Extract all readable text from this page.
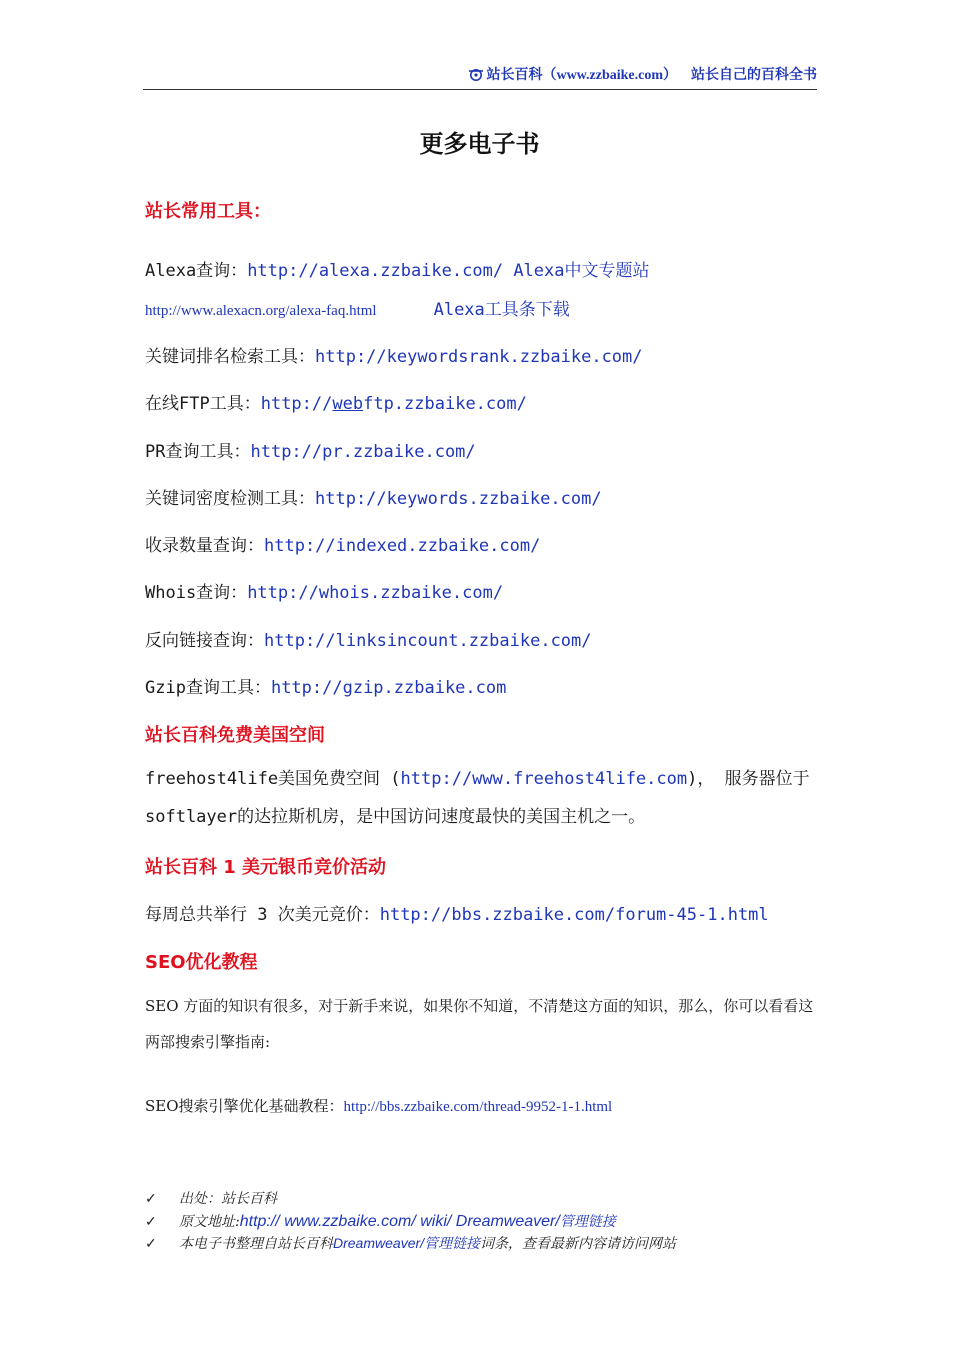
站长百科（www.zzbaike.com） 站长自己的百科全书
更多电子书
站长常用工具：
Alexa查询：http://alexa.zzbaike.com/ Alexa中文专题站
http://www.alexacn.org/alexa-faq.html	Alexa工具条下载
关键词排名检索工具：http://keywordsrank.zzbaike.com/
在线FTP工具：http://webftp.zzbaike.com/
PR查询工具：http://pr.zzbaike.com/
关键词密度检测工具：http://keywords.zzbaike.com/
收录数量查询：http://indexed.zzbaike.com/
Whois查询：http://whois.zzbaike.com/
反向链接查询：http://linksincount.zzbaike.com/
Gzip查询工具：http://gzip.zzbaike.com
站长百科免费美国空间
freehost4life美国免费空间 (http://www.freehost4life.com)， 服务器位于
softlayer的达拉斯机房，是中国访问速度最快的美国主机之一。
站长百科 1 美元银币竞价活动
每周总共举行 3 次美元竞价：http://bbs.zzbaike.com/forum-45-1.html
SEO优化教程
SEO 方面的知识有很多，对于新手来说，如果你不知道，不清楚这方面的知识，那么，你可以看看这两部搜索引擎指南:
SEO搜索引擎优化基础教程：http://bbs.zzbaike.com/thread-9952-1-1.html
✓ 出处：站长百科
✓ 原文地址:http:// www.zzbaike.com/ wiki/ Dreamweaver/管理链接
✓ 本电子书整理自站长百科Dreamweaver/管理链接词条，查看最新内容请访问网站
